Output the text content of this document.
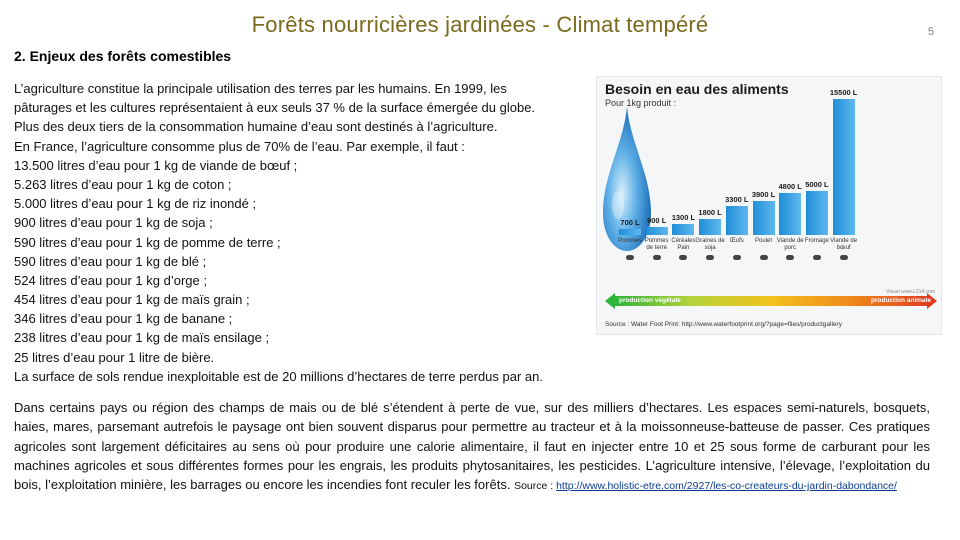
Forêts nourricières jardinées - Climat tempéré	5
2. Enjeux des forêts comestibles
L’agriculture constitue la principale utilisation des terres par les humains. En 1999, les
pâturages et les cultures représentaient à eux seuls 37 % de la surface émergée du globe.
Plus des deux tiers de la consommation humaine d’eau sont destinés à l’agriculture.
En France, l’agriculture consomme plus de 70% de l’eau. Par exemple, il faut :
13.500 litres d’eau pour 1 kg de viande de bœuf ;
5.263 litres d’eau pour 1 kg de coton ;
5.000 litres d’eau pour 1 kg de riz inondé ;
900 litres d’eau pour 1 kg de soja ;
590 litres d’eau pour 1 kg de pomme de terre ;
590 litres d’eau pour 1 kg de blé ;
524 litres d’eau pour 1 kg d’orge ;
454 litres d’eau pour 1 kg de maïs grain ;
346 litres d’eau pour 1 kg de banane ;
238 litres d’eau pour 1 kg de maïs ensilage ;
25 litres d’eau pour 1 litre de bière.
La surface de sols rendue inexploitable est de 20 millions d’hectares de terre perdus par an.
Besoin en eau des aliments
Pour 1kg produit :
700 L
Pommes
900 L
Pommes de terre
1300 L
Céréales Pain
1800 L
Graines de soja
3300 L
Œufs
3900 L
Poulet
4800 L
Viande de porc
5000 L
Fromage
15500 L
Viande de bœuf
production végétale	production animale
Visuel www.L214.com
Source : Water Foot Print: http://www.waterfootprint.org/?page=files/productgallery
Dans certains pays ou région des champs de mais ou de blé s’étendent à perte de vue, sur des milliers d’hectares. Les espaces semi-naturels, bosquets, haies, mares, parsemant autrefois le paysage ont bien souvent disparus pour permettre au tracteur et à la moissonneuse-batteuse de passer. Ces pratiques agricoles sont largement déficitaires au sens où pour produire une calorie alimentaire, il faut en injecter entre 10 et 25 sous forme de carburant pour les machines agricoles et sous différentes formes pour les engrais, les produits phytosanitaires, les pesticides. L’agriculture intensive, l’élevage, l’exploitation du bois, l’exploitation minière, les barrages ou encore les incendies font reculer les forêts. Source : http://www.holistic-etre.com/2927/les-co-createurs-du-jardin-dabondance/
